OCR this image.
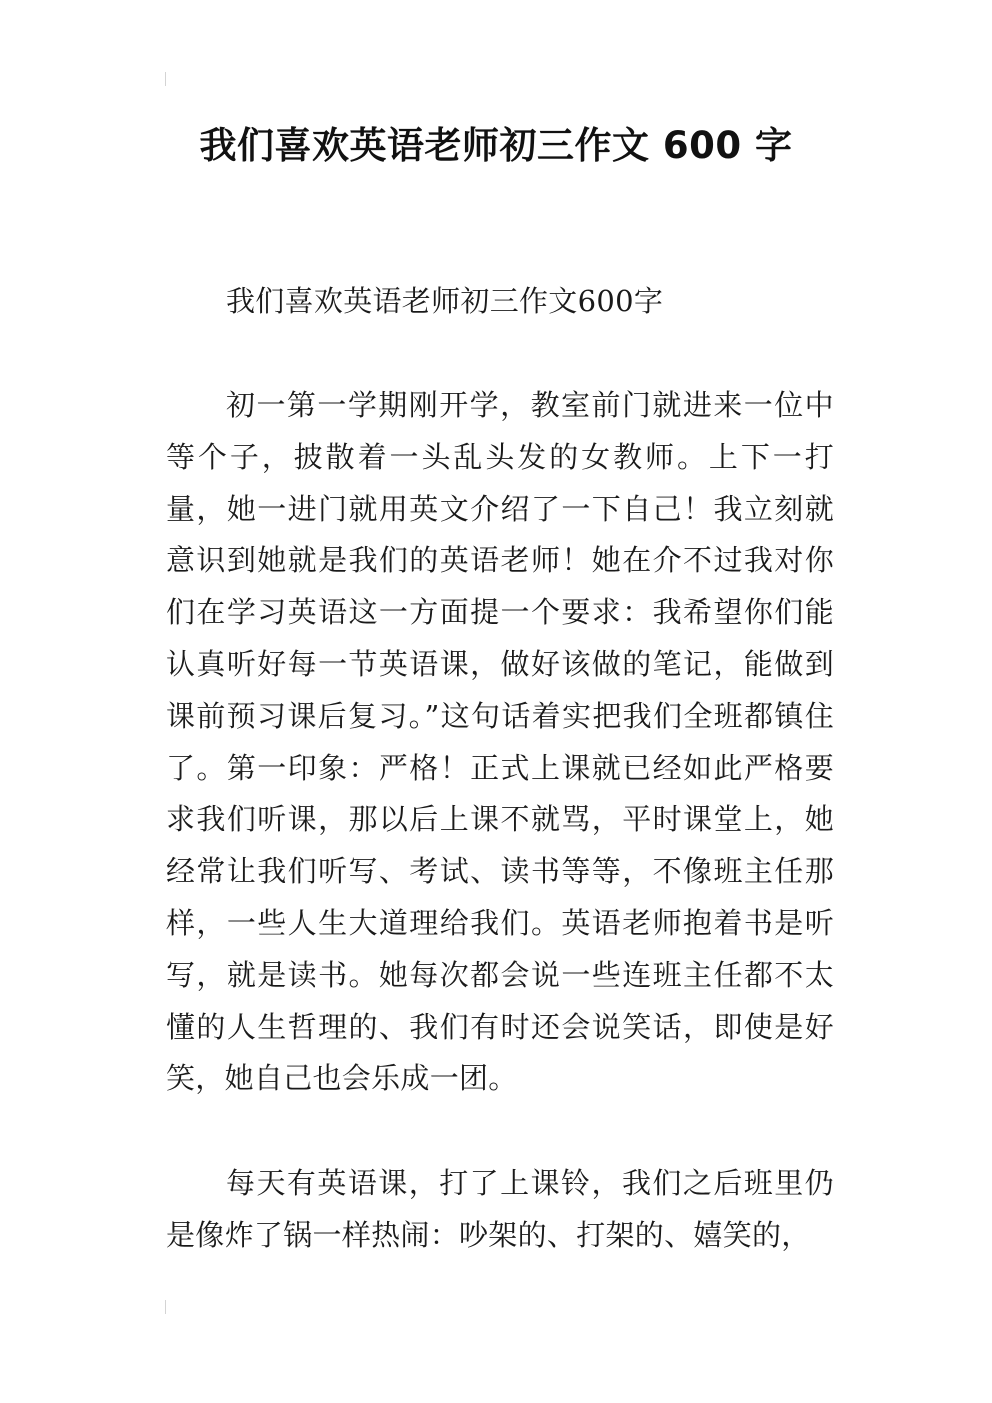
我们喜欢英语老师初三作文 600 字

我们喜欢英语老师初三作文600字

初一第一学期刚开学，教室前门就进来一位中等个子，披散着一头乱头发的女教师。上下一打量，她一进门就用英文介绍了一下自己！我立刻就意识到她就是我们的英语老师！她在介不过我对你们在学习英语这一方面提一个要求：我希望你们能认真听好每一节英语课，做好该做的笔记，能做到课前预习课后复习。”这句话着实把我们全班都镇住了。第一印象：严格！正式上课就已经如此严格要求我们听课，那以后上课不就骂，平时课堂上，她经常让我们听写、考试、读书等等，不像班主任那样，一些人生大道理给我们。英语老师抱着书是听写，就是读书。她每次都会说一些连班主任都不太懂的人生哲理的、我们有时还会说笑话，即使是好笑，她自己也会乐成一团。

每天有英语课，打了上课铃，我们之后班里仍是像炸了锅一样热闹：吵架的、打架的、嬉笑的，
